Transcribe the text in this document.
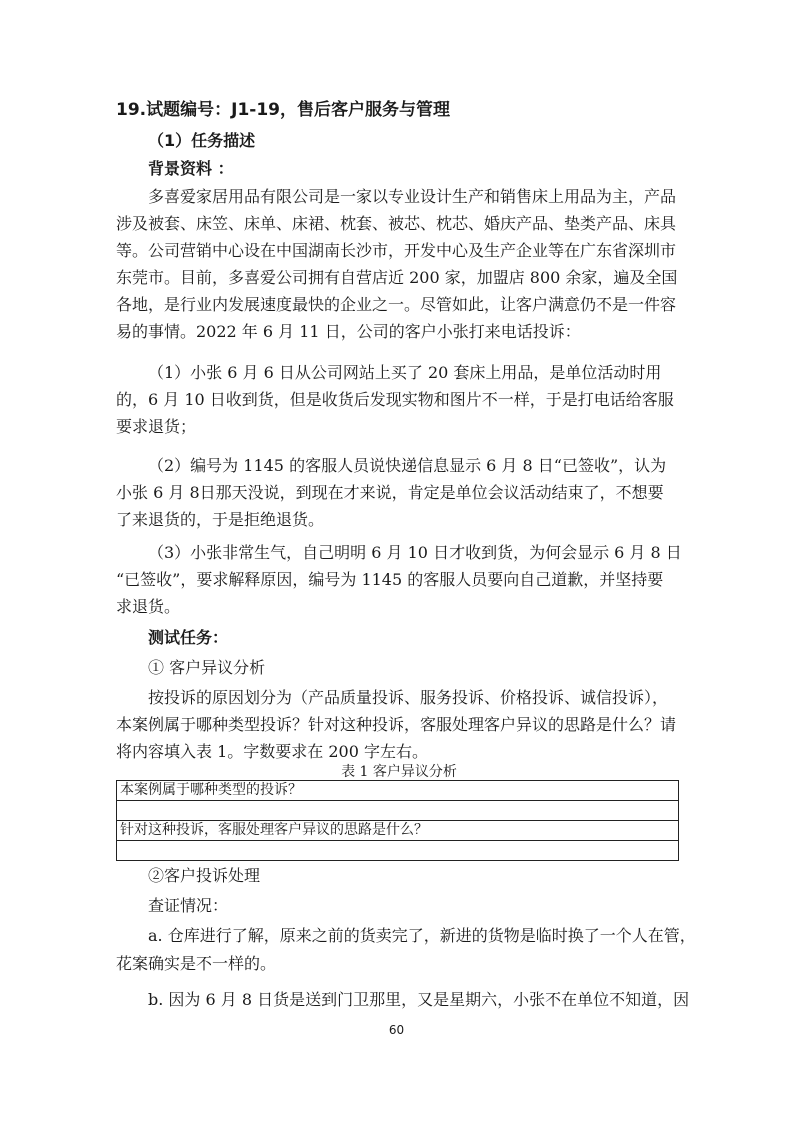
19.试题编号：J1-19，售后客户服务与管理
（1）任务描述
背景资料 ：
多喜爱家居用品有限公司是一家以专业设计生产和销售床上用品为主，产品
涉及被套、床笠、床单、床裙、枕套、被芯、枕芯、婚庆产品、垫类产品、床具
等。公司营销中心设在中国湖南长沙市，开发中心及生产企业等在广东省深圳市
东莞市。目前，多喜爱公司拥有自营店近 200 家，加盟店 800 余家，遍及全国
各地，是行业内发展速度最快的企业之一。尽管如此，让客户满意仍不是一件容
易的事情。2022 年 6 月 11 日，公司的客户小张打来电话投诉：
（1）小张 6 月 6 日从公司网站上买了 20 套床上用品，是单位活动时用
的，6 月 10 日收到货，但是收货后发现实物和图片不一样，于是打电话给客服
要求退货；
（2）编号为 1145 的客服人员说快递信息显示 6 月 8 日“已签收”，认为
小张 6 月 8日那天没说，到现在才来说，肯定是单位会议活动结束了，不想要
了来退货的，于是拒绝退货。
（3）小张非常生气，自己明明 6 月 10 日才收到货，为何会显示 6 月 8 日
“已签收”，要求解释原因，编号为 1145 的客服人员要向自己道歉，并坚持要
求退货。
测试任务：
① 客户异议分析
按投诉的原因划分为（产品质量投诉、服务投诉、价格投诉、诚信投诉），
本案例属于哪种类型投诉？针对这种投诉，客服处理客户异议的思路是什么？请
将内容填入表 1。字数要求在 200 字左右。
表 1 客户异议分析
本案例属于哪种类型的投诉？

针对这种投诉，客服处理客户异议的思路是什么？

②客户投诉处理
查证情况：
a. 仓库进行了解，原来之前的货卖完了，新进的货物是临时换了一个人在管，
花案确实是不一样的。
b. 因为 6 月 8 日货是送到门卫那里，又是星期六，小张不在单位不知道，因
60
